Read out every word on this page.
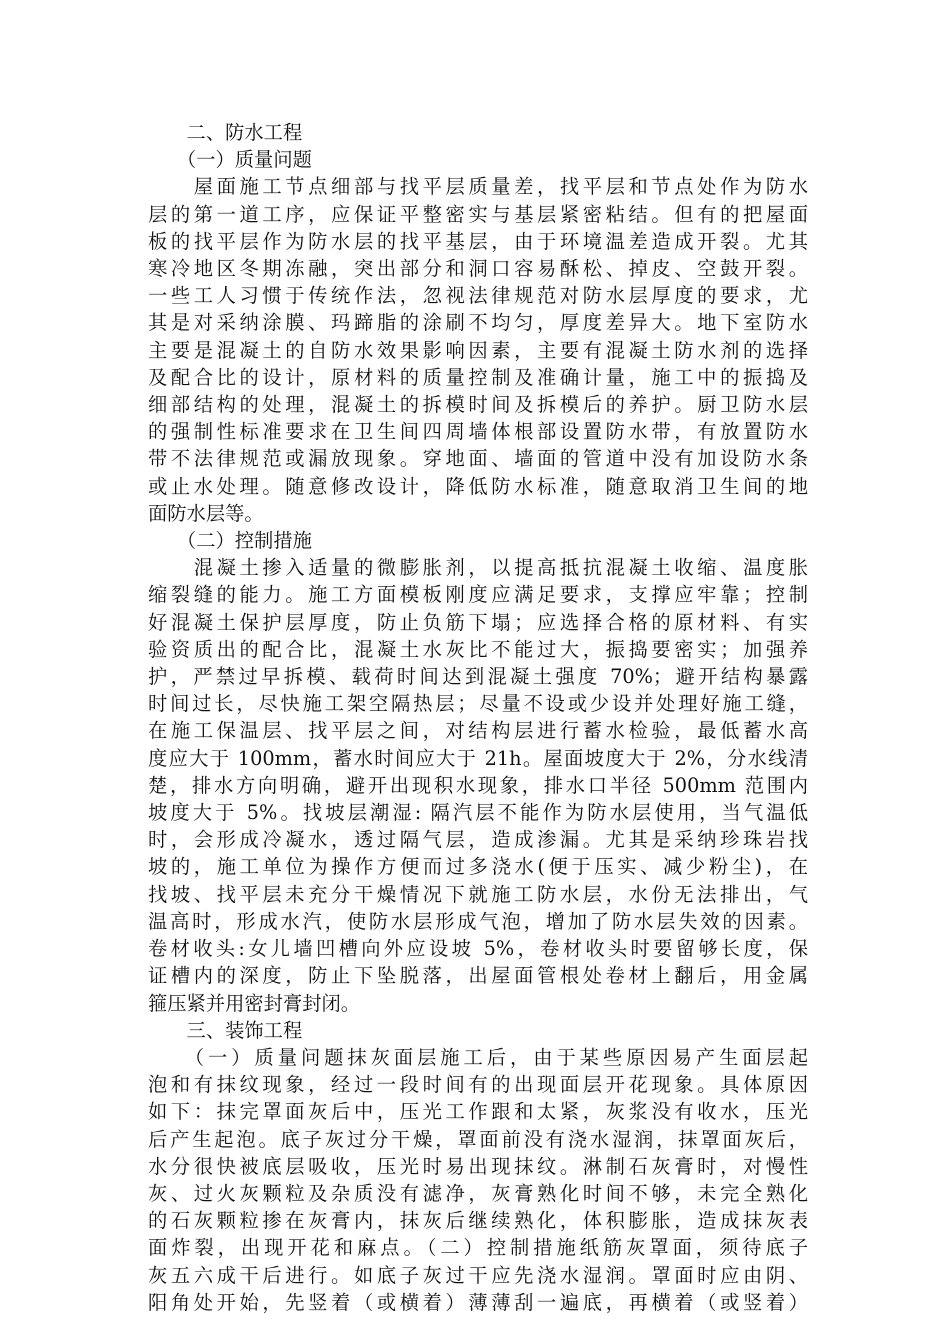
　　二、防水工程
　　（一）质量问题
　　屋面施工节点细部与找平层质量差，找平层和节点处作为防水
层的第一道工序，应保证平整密实与基层紧密粘结。但有的把屋面
板的找平层作为防水层的找平基层，由于环境温差造成开裂。尤其
寒冷地区冬期冻融，突出部分和洞口容易酥松、掉皮、空鼓开裂。
一些工人习惯于传统作法，忽视法律规范对防水层厚度的要求，尤
其是对采纳涂膜、玛蹄脂的涂刷不均匀，厚度差异大。地下室防水
主要是混凝土的自防水效果影响因素，主要有混凝土防水剂的选择
及配合比的设计，原材料的质量控制及准确计量，施工中的振捣及
细部结构的处理，混凝土的拆模时间及拆模后的养护。厨卫防水层
的强制性标准要求在卫生间四周墙体根部设置防水带，有放置防水
带不法律规范或漏放现象。穿地面、墙面的管道中没有加设防水条
或止水处理。随意修改设计，降低防水标准，随意取消卫生间的地
面防水层等。
　　（二）控制措施
　　混凝土掺入适量的微膨胀剂，以提高抵抗混凝土收缩、温度胀
缩裂缝的能力。施工方面模板刚度应满足要求，支撑应牢靠；控制
好混凝土保护层厚度，防止负筋下塌；应选择合格的原材料、有实
验资质出的配合比，混凝土水灰比不能过大，振捣要密实；加强养
护，严禁过早拆模、载荷时间达到混凝土强度 70%；避开结构暴露
时间过长，尽快施工架空隔热层；尽量不设或少设并处理好施工缝，
在施工保温层、找平层之间，对结构层进行蓄水检验，最低蓄水高
度应大于 100mm，蓄水时间应大于 21h。屋面坡度大于 2%，分水线清
楚，排水方向明确，避开出现积水现象，排水口半径 500mm 范围内
坡度大于 5%。找坡层潮湿: 隔汽层不能作为防水层使用，当气温低
时，会形成冷凝水，透过隔气层，造成渗漏。尤其是采纳珍珠岩找
坡的，施工单位为操作方便而过多浇水(便于压实、减少粉尘)，在
找坡、找平层未充分干燥情况下就施工防水层，水份无法排出，气
温高时，形成水汽，使防水层形成气泡，增加了防水层失效的因素。
卷材收头:女儿墙凹槽向外应设坡 5%，卷材收头时要留够长度，保
证槽内的深度，防止下坠脱落，出屋面管根处卷材上翻后，用金属
箍压紧并用密封膏封闭。
　　三、装饰工程
　　（一）质量问题抹灰面层施工后，由于某些原因易产生面层起
泡和有抹纹现象，经过一段时间有的出现面层开花现象。具体原因
如下：抹完罩面灰后中，压光工作跟和太紧，灰浆没有收水，压光
后产生起泡。底子灰过分干燥，罩面前没有浇水湿润，抹罩面灰后，
水分很快被底层吸收，压光时易出现抹纹。淋制石灰膏时，对慢性
灰、过火灰颗粒及杂质没有滤净，灰膏熟化时间不够，未完全熟化
的石灰颗粒掺在灰膏内，抹灰后继续熟化，体积膨胀，造成抹灰表
面炸裂，出现开花和麻点。（二）控制措施纸筋灰罩面，须待底子
灰五六成干后进行。如底子灰过干应先浇水湿润。罩面时应由阴、
阳角处开始，先竖着（或横着）薄薄刮一遍底，再横着（或竖着）
